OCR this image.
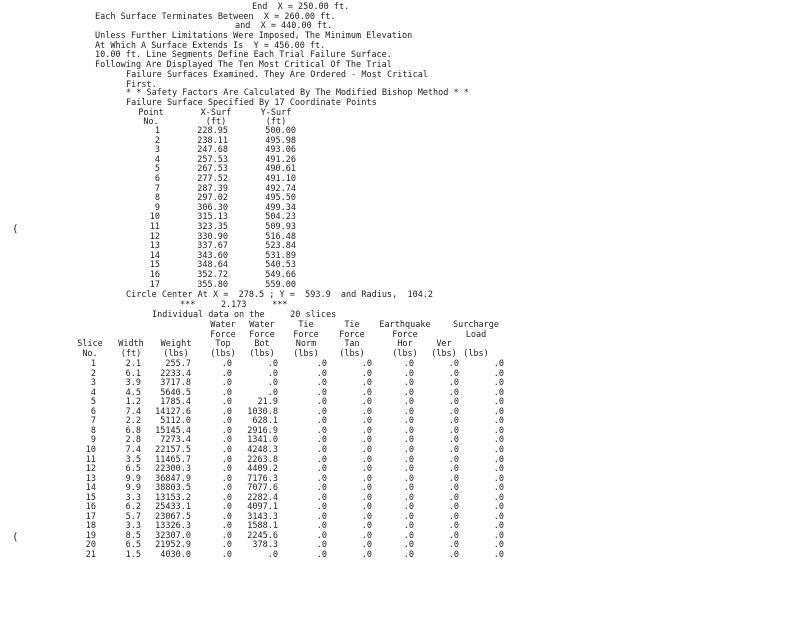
End  X = 250.00 ft.
Each Surface Terminates Between  X = 260.00 ft.
and  X = 440.00 ft.
Unless Further Limitations Were Imposed, The Minimum Elevation
At Which A Surface Extends Is  Y = 456.00 ft.
10.00 ft. Line Segments Define Each Trial Failure Surface.
Following Are Displayed The Ten Most Critical Of The Trial
Failure Surfaces Examined. They Are Ordered - Most Critical
First.
* * Safety Factors Are Calculated By The Modified Bishop Method * *
Failure Surface Specified By 17 Coordinate Points
Point
No.
X-Surf
(ft)
Y-Surf
(ft)
1	228.95	500.00
2	238.11	495.98
3	247.68	493.06
4	257.53	491.26
5	267.53	490.61
6	277.52	491.10
7	287.39	492.74
8	297.02	495.50
9	306.30	499.34
10	315.13	504.23
11	323.35	509.93
12	330.90	516.48
13	337.67	523.84
14	343.60	531.89
15	348.64	540.53
16	352.72	549.66
17	355.80	559.00
Circle Center At X =  278.5 ; Y =  593.9  and Radius,  104.2
***     2.173     ***
Individual data on the     20 slices
Slice
No.
Width
(ft)
Weight
(lbs)
Water
Force
Top
(lbs)
Water
Force
Bot
(lbs)
Tie
Force
Norm
(lbs)
Tie
Force
Tan
(lbs)
Earthquake
Force
Hor
(lbs)
Ver
(lbs)
Surcharge
Load
(lbs)
1	2.1	255.7	.0	.0	.0	.0	.0	.0	.0
2	6.1	2233.4	.0	.0	.0	.0	.0	.0	.0
3	3.9	3717.8	.0	.0	.0	.0	.0	.0	.0
4	4.5	5640.5	.0	.0	.0	.0	.0	.0	.0
5	1.2	1785.4	.0	21.9	.0	.0	.0	.0	.0
6	7.4	14127.6	.0	1030.8	.0	.0	.0	.0	.0
7	2.2	5112.0	.0	628.1	.0	.0	.0	.0	.0
8	6.8	15145.4	.0	2916.9	.0	.0	.0	.0	.0
9	2.8	7273.4	.0	1341.0	.0	.0	.0	.0	.0
10	7.4	22157.5	.0	4248.3	.0	.0	.0	.0	.0
11	3.5	11465.7	.0	2263.8	.0	.0	.0	.0	.0
12	6.5	22300.3	.0	4409.2	.0	.0	.0	.0	.0
13	9.9	36847.9	.0	7176.3	.0	.0	.0	.0	.0
14	9.9	38803.5	.0	7077.6	.0	.0	.0	.0	.0
15	3.3	13153.2	.0	2282.4	.0	.0	.0	.0	.0
16	6.2	25433.1	.0	4097.1	.0	.0	.0	.0	.0
17	5.7	23067.5	.0	3143.3	.0	.0	.0	.0	.0
18	3.3	13326.3	.0	1588.1	.0	.0	.0	.0	.0
19	8.5	32307.0	.0	2245.6	.0	.0	.0	.0	.0
20	6.5	21952.9	.0	378.3	.0	.0	.0	.0	.0
21	1.5	4030.0	.0	.0	.0	.0	.0	.0	.0
(
(
